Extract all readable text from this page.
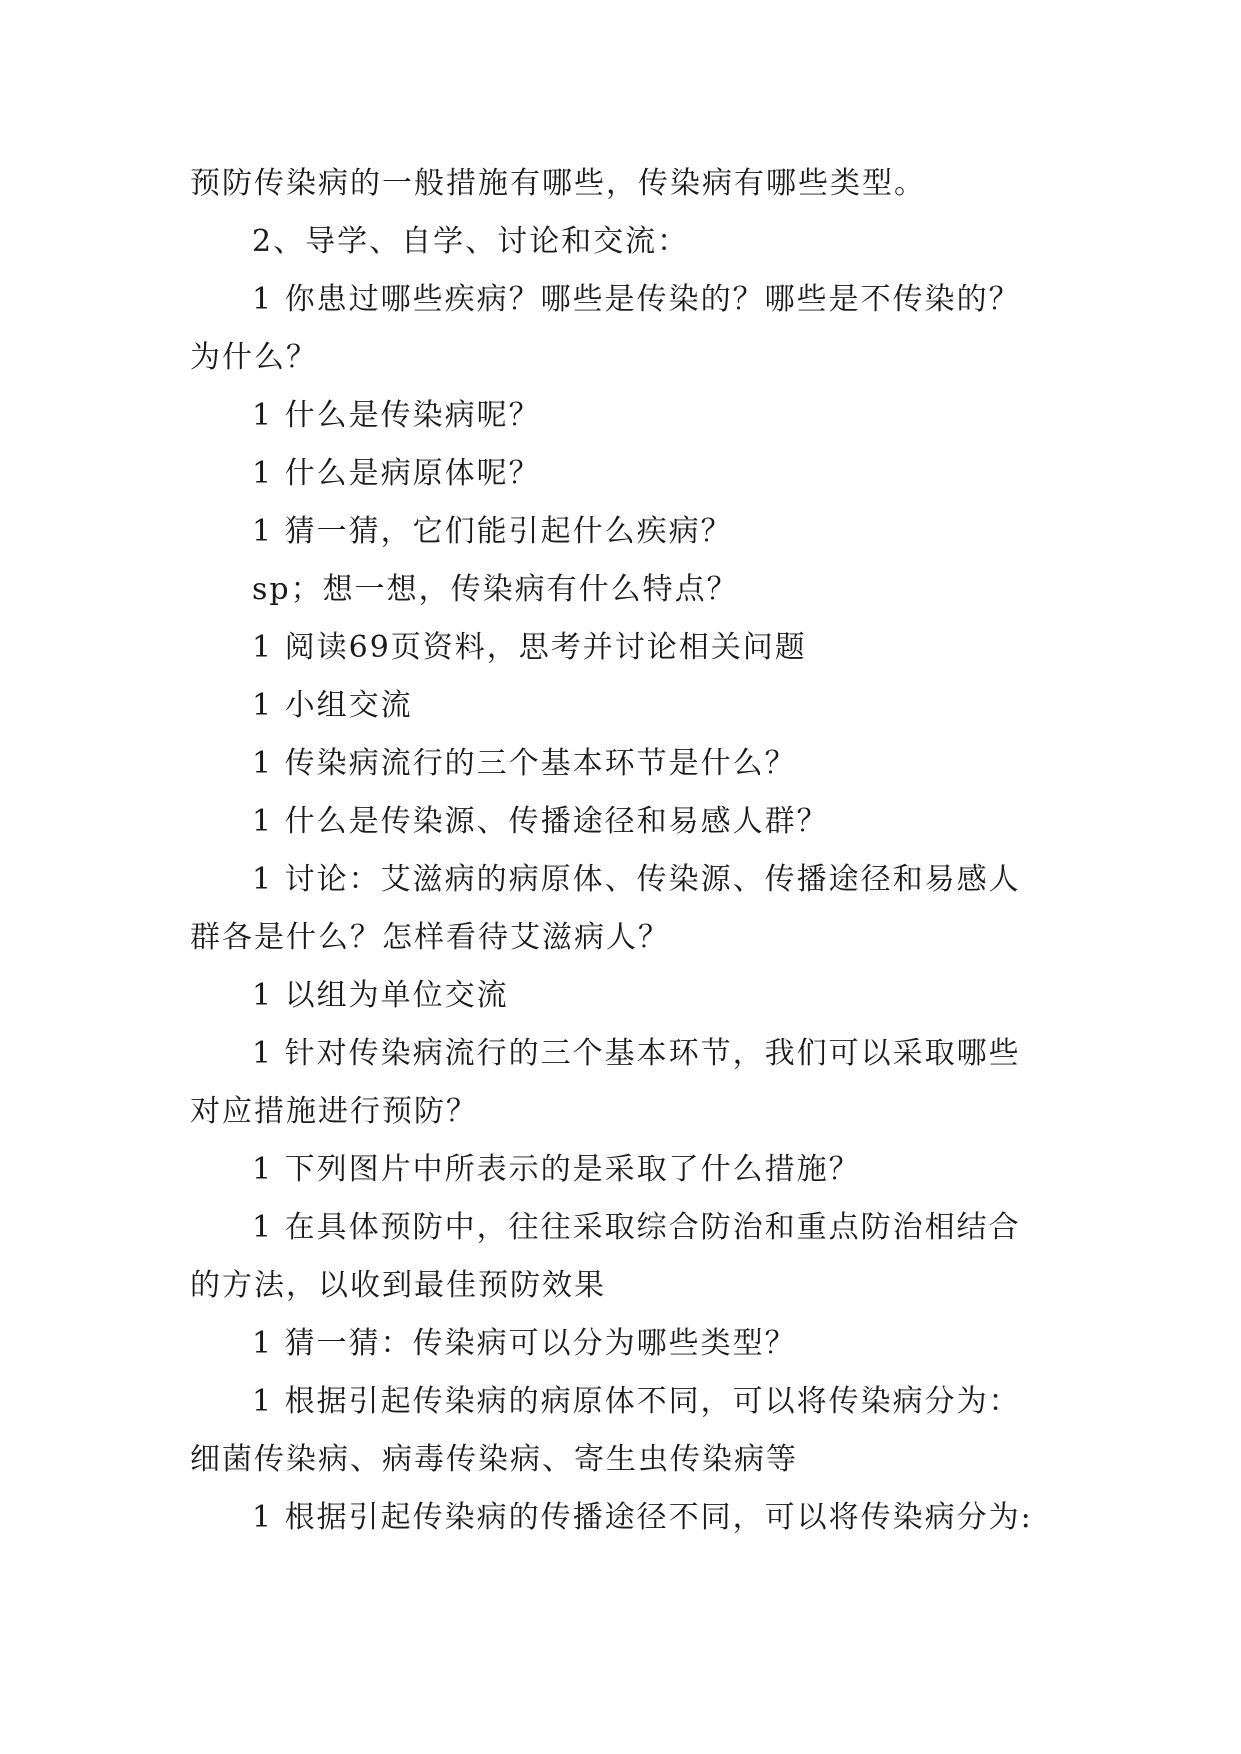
预防传染病的一般措施有哪些，传染病有哪些类型。
2、导学、自学、讨论和交流：
1 你患过哪些疾病？哪些是传染的？哪些是不传染的？
为什么？
1 什么是传染病呢？
1 什么是病原体呢？
1 猜一猜，它们能引起什么疾病？
sp；想一想，传染病有什么特点？
1 阅读69页资料，思考并讨论相关问题
1 小组交流
1 传染病流行的三个基本环节是什么？
1 什么是传染源、传播途径和易感人群？
1 讨论：艾滋病的病原体、传染源、传播途径和易感人
群各是什么？怎样看待艾滋病人？
1 以组为单位交流
1 针对传染病流行的三个基本环节，我们可以采取哪些
对应措施进行预防？
1 下列图片中所表示的是采取了什么措施？
1 在具体预防中，往往采取综合防治和重点防治相结合
的方法，以收到最佳预防效果
1 猜一猜：传染病可以分为哪些类型？
1 根据引起传染病的病原体不同，可以将传染病分为：
细菌传染病、病毒传染病、寄生虫传染病等
1 根据引起传染病的传播途径不同，可以将传染病分为:
